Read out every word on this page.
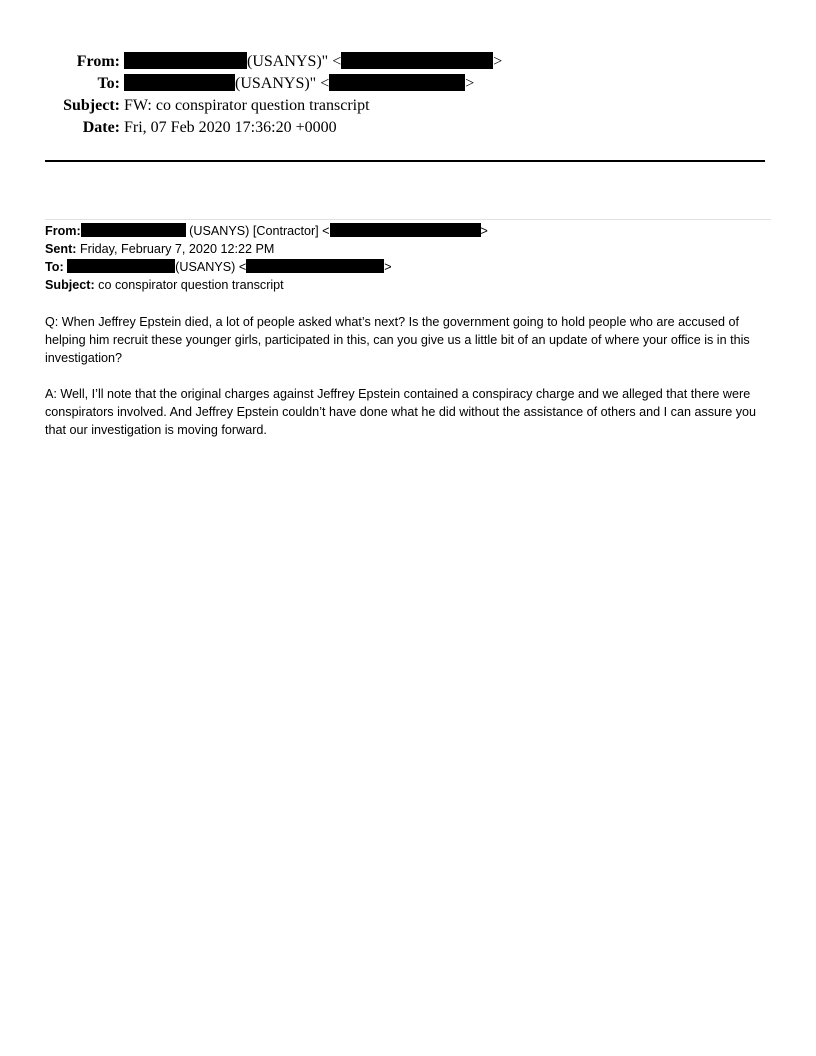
From:	(USANYS)" <	>
To:	(USANYS)" <	>
Subject: FW: co conspirator question transcript
Date: Fri, 07 Feb 2020 17:36:20 +0000
From:	(USANYS) [Contractor] <	>
Sent: Friday, February 7, 2020 12:22 PM
To:	(USANYS) <	>
Subject: co conspirator question transcript
Q: When Jeffrey Epstein died, a lot of people asked what’s next? Is the government going to hold people who are accused of helping him recruit these younger girls, participated in this, can you give us a little bit of an update of where your office is in this investigation?
A: Well, I’ll note that the original charges against Jeffrey Epstein contained a conspiracy charge and we alleged that there were conspirators involved. And Jeffrey Epstein couldn’t have done what he did without the assistance of others and I can assure you that our investigation is moving forward.
